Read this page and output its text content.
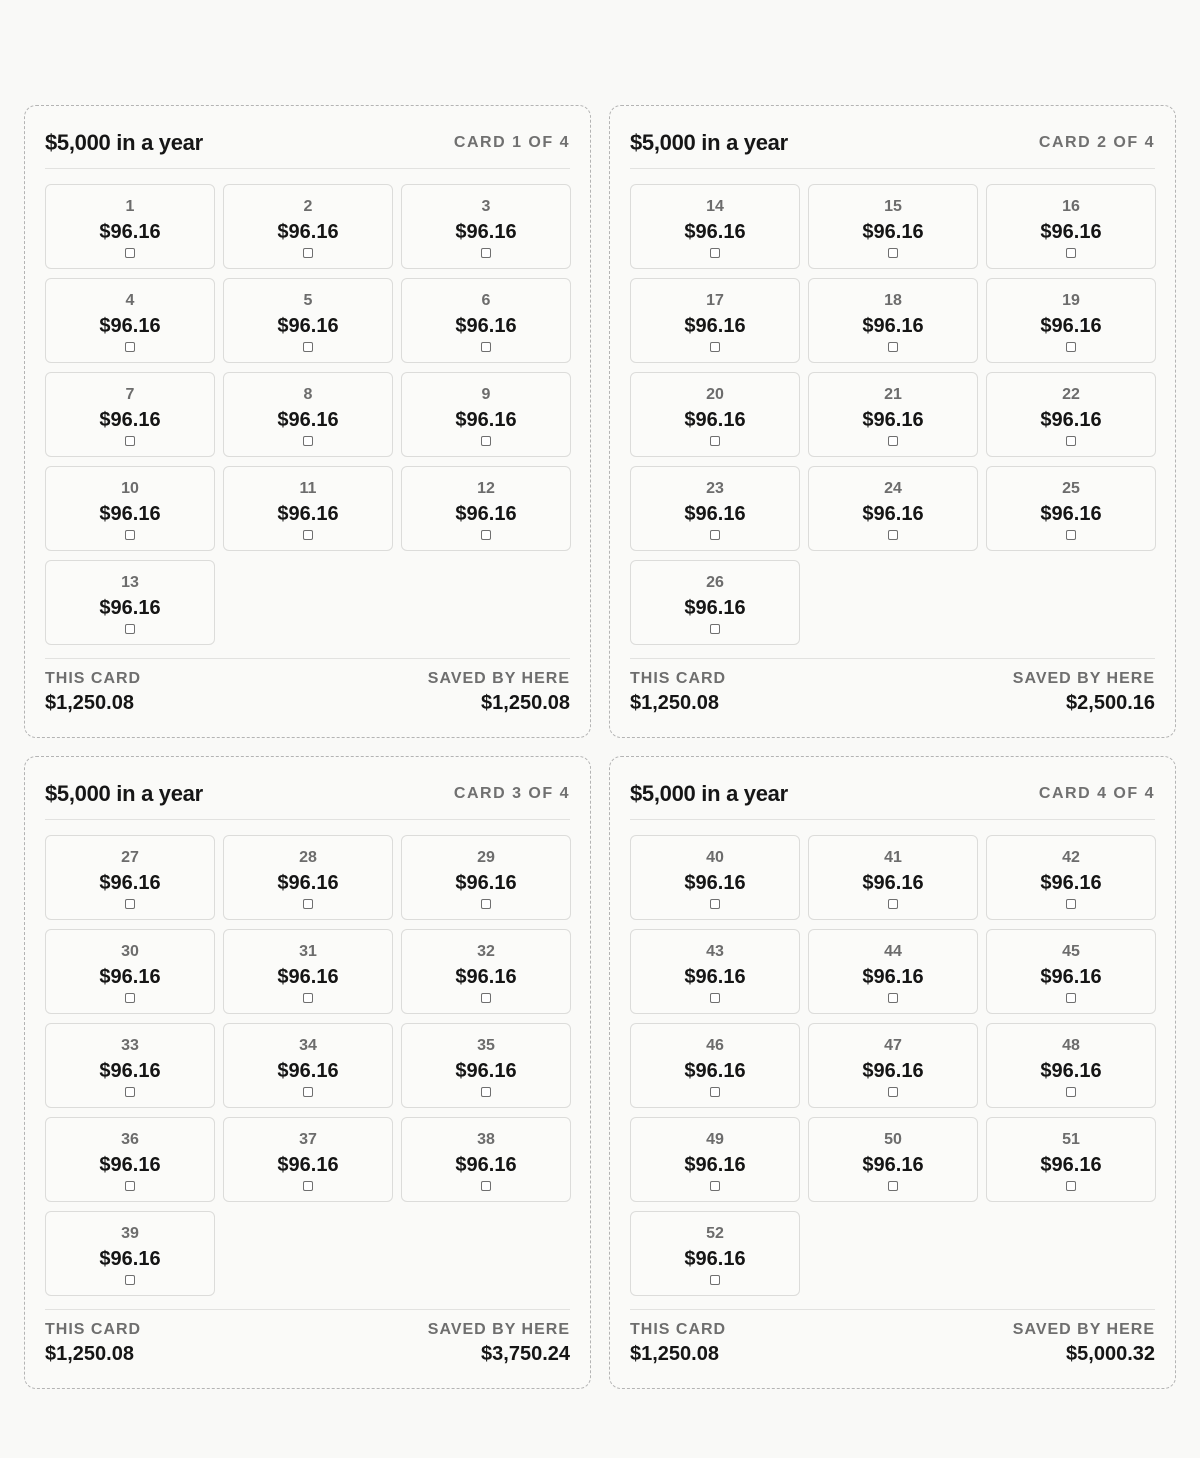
$5,000 in a year	CARD 1 OF 4
1
$96.16
2
$96.16
3
$96.16
4
$96.16
5
$96.16
6
$96.16
7
$96.16
8
$96.16
9
$96.16
10
$96.16
11
$96.16
12
$96.16
13
$96.16
THIS CARD
$1,250.08
SAVED BY HERE
$1,250.08
$5,000 in a year	CARD 2 OF 4
14
$96.16
15
$96.16
16
$96.16
17
$96.16
18
$96.16
19
$96.16
20
$96.16
21
$96.16
22
$96.16
23
$96.16
24
$96.16
25
$96.16
26
$96.16
THIS CARD
$1,250.08
SAVED BY HERE
$2,500.16
$5,000 in a year	CARD 3 OF 4
27
$96.16
28
$96.16
29
$96.16
30
$96.16
31
$96.16
32
$96.16
33
$96.16
34
$96.16
35
$96.16
36
$96.16
37
$96.16
38
$96.16
39
$96.16
THIS CARD
$1,250.08
SAVED BY HERE
$3,750.24
$5,000 in a year	CARD 4 OF 4
40
$96.16
41
$96.16
42
$96.16
43
$96.16
44
$96.16
45
$96.16
46
$96.16
47
$96.16
48
$96.16
49
$96.16
50
$96.16
51
$96.16
52
$96.16
THIS CARD
$1,250.08
SAVED BY HERE
$5,000.32
